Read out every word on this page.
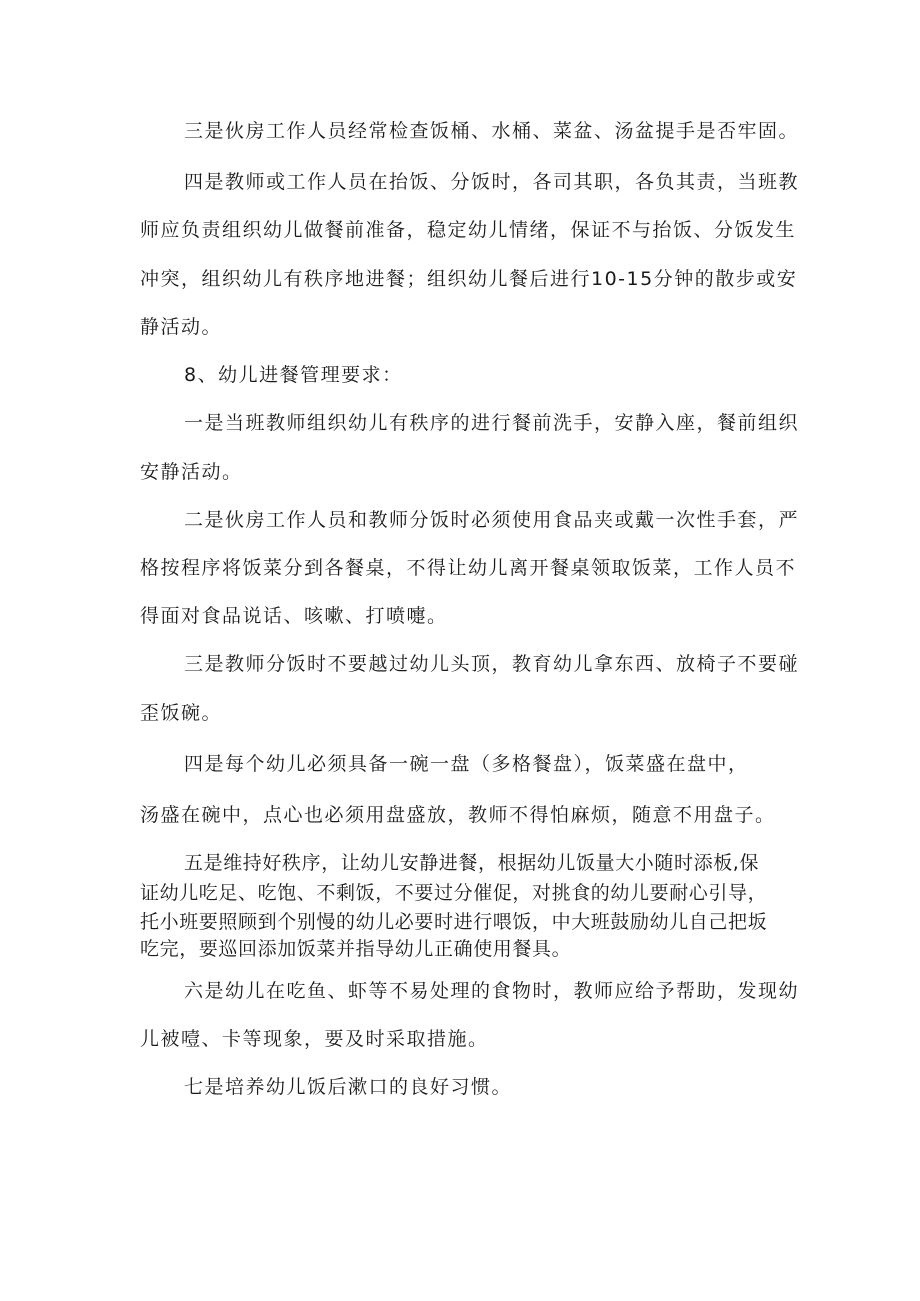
三是伙房工作人员经常检查饭桶、水桶、菜盆、汤盆提手是否牢固。
四是教师或工作人员在抬饭、分饭时，各司其职，各负其责，当班教
师应负责组织幼儿做餐前准备，稳定幼儿情绪，保证不与抬饭、分饭发生
冲突，组织幼儿有秩序地进餐；组织幼儿餐后进行10-15分钟的散步或安
静活动。
8、幼儿进餐管理要求：
一是当班教师组织幼儿有秩序的进行餐前洗手，安静入座，餐前组织
安静活动。
二是伙房工作人员和教师分饭时必须使用食品夹或戴一次性手套，严
格按程序将饭菜分到各餐桌，不得让幼儿离开餐桌领取饭菜，工作人员不
得面对食品说话、咳嗽、打喷嚏。
三是教师分饭时不要越过幼儿头顶，教育幼儿拿东西、放椅子不要碰
歪饭碗。
四是每个幼儿必须具备一碗一盘（多格餐盘），饭菜盛在盘中，
汤盛在碗中，点心也必须用盘盛放，教师不得怕麻烦，随意不用盘子。
五是维持好秩序，让幼儿安静进餐，根据幼儿饭量大小随时添板,保
证幼儿吃足、吃饱、不剩饭，不要过分催促，对挑食的幼儿要耐心引导，
托小班要照顾到个别慢的幼儿必要时进行喂饭，中大班鼓励幼儿自己把坂
吃完，要巡回添加饭菜并指导幼儿正确使用餐具。
六是幼儿在吃鱼、虾等不易处理的食物时，教师应给予帮助，发现幼
儿被噎、卡等现象，要及时采取措施。
七是培养幼儿饭后漱口的良好习惯。
